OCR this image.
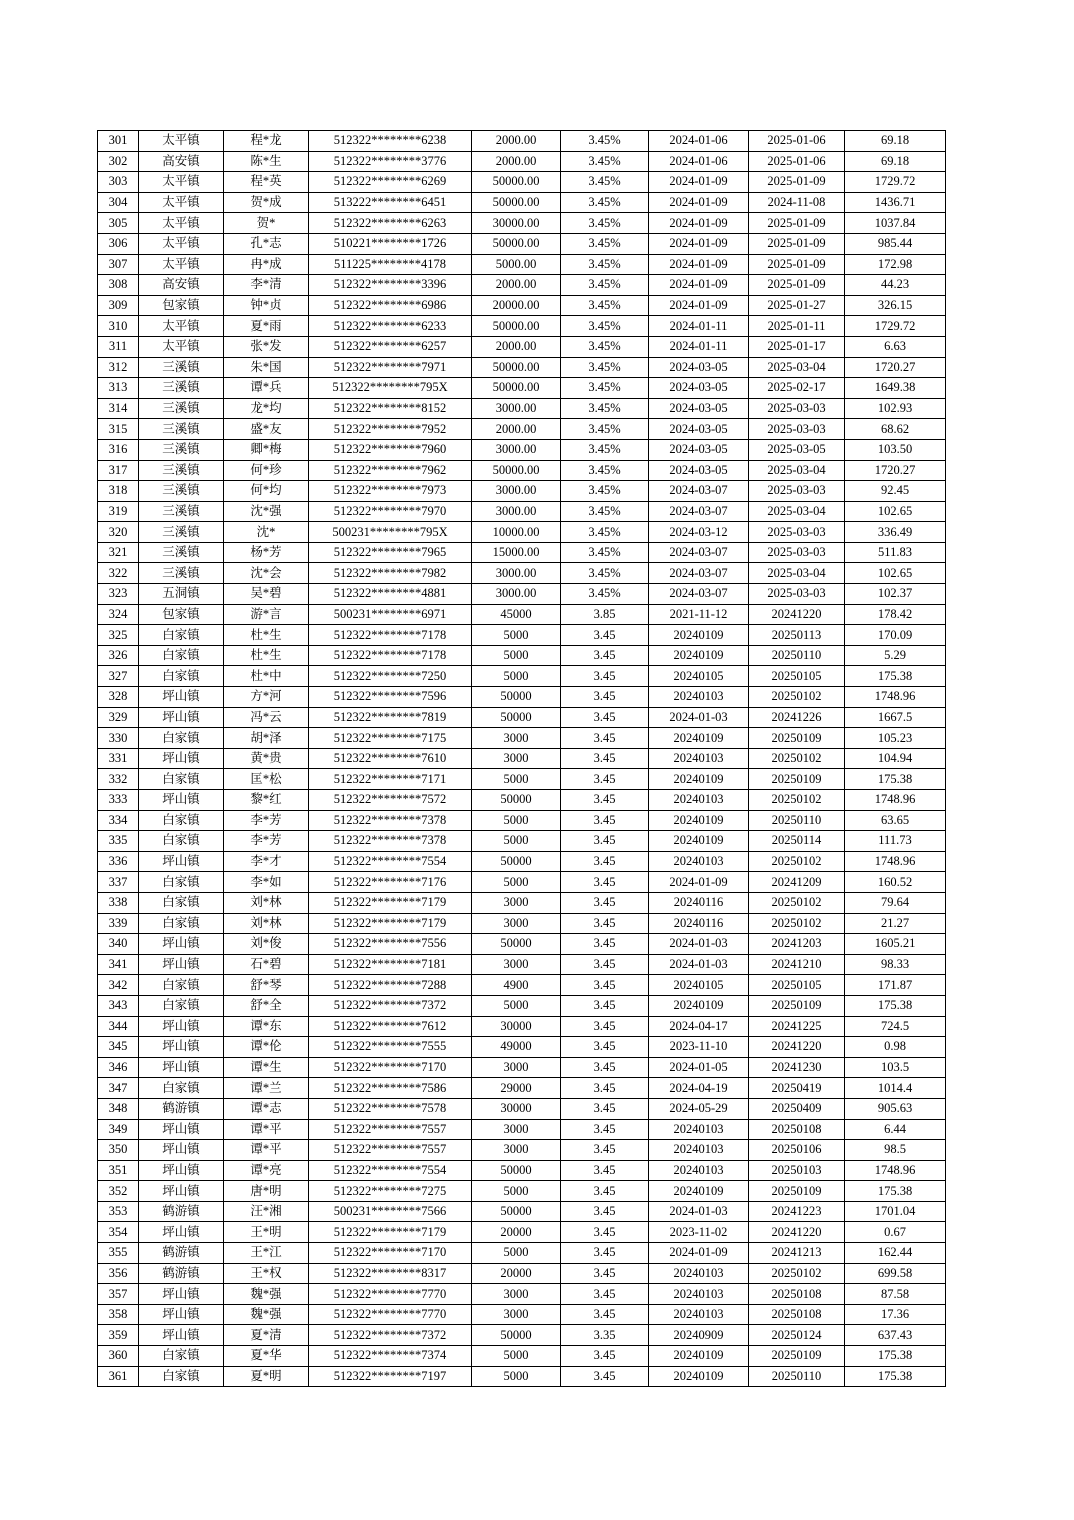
301	太平镇	程*龙	512322********6238	2000.00	3.45%	2024-01-06	2025-01-06	69.18
302	高安镇	陈*生	512322********3776	2000.00	3.45%	2024-01-06	2025-01-06	69.18
303	太平镇	程*英	512322********6269	50000.00	3.45%	2024-01-09	2025-01-09	1729.72
304	太平镇	贺*成	513222********6451	50000.00	3.45%	2024-01-09	2024-11-08	1436.71
305	太平镇	贺*	512322********6263	30000.00	3.45%	2024-01-09	2025-01-09	1037.84
306	太平镇	孔*志	510221********1726	50000.00	3.45%	2024-01-09	2025-01-09	985.44
307	太平镇	冉*成	511225********4178	5000.00	3.45%	2024-01-09	2025-01-09	172.98
308	高安镇	李*清	512322********3396	2000.00	3.45%	2024-01-09	2025-01-09	44.23
309	包家镇	钟*贞	512322********6986	20000.00	3.45%	2024-01-09	2025-01-27	326.15
310	太平镇	夏*雨	512322********6233	50000.00	3.45%	2024-01-11	2025-01-11	1729.72
311	太平镇	张*发	512322********6257	2000.00	3.45%	2024-01-11	2025-01-17	6.63
312	三溪镇	朱*国	512322********7971	50000.00	3.45%	2024-03-05	2025-03-04	1720.27
313	三溪镇	谭*兵	512322********795X	50000.00	3.45%	2024-03-05	2025-02-17	1649.38
314	三溪镇	龙*均	512322********8152	3000.00	3.45%	2024-03-05	2025-03-03	102.93
315	三溪镇	盛*友	512322********7952	2000.00	3.45%	2024-03-05	2025-03-03	68.62
316	三溪镇	卿*梅	512322********7960	3000.00	3.45%	2024-03-05	2025-03-05	103.50
317	三溪镇	何*珍	512322********7962	50000.00	3.45%	2024-03-05	2025-03-04	1720.27
318	三溪镇	何*均	512322********7973	3000.00	3.45%	2024-03-07	2025-03-03	92.45
319	三溪镇	沈*强	512322********7970	3000.00	3.45%	2024-03-07	2025-03-04	102.65
320	三溪镇	沈*	500231********795X	10000.00	3.45%	2024-03-12	2025-03-03	336.49
321	三溪镇	杨*芳	512322********7965	15000.00	3.45%	2024-03-07	2025-03-03	511.83
322	三溪镇	沈*会	512322********7982	3000.00	3.45%	2024-03-07	2025-03-04	102.65
323	五洞镇	吴*碧	512322********4881	3000.00	3.45%	2024-03-07	2025-03-03	102.37
324	包家镇	游*言	500231********6971	45000	3.85	2021-11-12	20241220	178.42
325	白家镇	杜*生	512322********7178	5000	3.45	20240109	20250113	170.09
326	白家镇	杜*生	512322********7178	5000	3.45	20240109	20250110	5.29
327	白家镇	杜*中	512322********7250	5000	3.45	20240105	20250105	175.38
328	坪山镇	方*河	512322********7596	50000	3.45	20240103	20250102	1748.96
329	坪山镇	冯*云	512322********7819	50000	3.45	2024-01-03	20241226	1667.5
330	白家镇	胡*泽	512322********7175	3000	3.45	20240109	20250109	105.23
331	坪山镇	黄*贵	512322********7610	3000	3.45	20240103	20250102	104.94
332	白家镇	匡*松	512322********7171	5000	3.45	20240109	20250109	175.38
333	坪山镇	黎*红	512322********7572	50000	3.45	20240103	20250102	1748.96
334	白家镇	李*芳	512322********7378	5000	3.45	20240109	20250110	63.65
335	白家镇	李*芳	512322********7378	5000	3.45	20240109	20250114	111.73
336	坪山镇	李*才	512322********7554	50000	3.45	20240103	20250102	1748.96
337	白家镇	李*如	512322********7176	5000	3.45	2024-01-09	20241209	160.52
338	白家镇	刘*林	512322********7179	3000	3.45	20240116	20250102	79.64
339	白家镇	刘*林	512322********7179	3000	3.45	20240116	20250102	21.27
340	坪山镇	刘*俊	512322********7556	50000	3.45	2024-01-03	20241203	1605.21
341	坪山镇	石*碧	512322********7181	3000	3.45	2024-01-03	20241210	98.33
342	白家镇	舒*琴	512322********7288	4900	3.45	20240105	20250105	171.87
343	白家镇	舒*全	512322********7372	5000	3.45	20240109	20250109	175.38
344	坪山镇	谭*东	512322********7612	30000	3.45	2024-04-17	20241225	724.5
345	坪山镇	谭*伦	512322********7555	49000	3.45	2023-11-10	20241220	0.98
346	坪山镇	谭*生	512322********7170	3000	3.45	2024-01-05	20241230	103.5
347	白家镇	谭*兰	512322********7586	29000	3.45	2024-04-19	20250419	1014.4
348	鹤游镇	谭*志	512322********7578	30000	3.45	2024-05-29	20250409	905.63
349	坪山镇	谭*平	512322********7557	3000	3.45	20240103	20250108	6.44
350	坪山镇	谭*平	512322********7557	3000	3.45	20240103	20250106	98.5
351	坪山镇	谭*亮	512322********7554	50000	3.45	20240103	20250103	1748.96
352	坪山镇	唐*明	512322********7275	5000	3.45	20240109	20250109	175.38
353	鹤游镇	汪*湘	500231********7566	50000	3.45	2024-01-03	20241223	1701.04
354	坪山镇	王*明	512322********7179	20000	3.45	2023-11-02	20241220	0.67
355	鹤游镇	王*江	512322********7170	5000	3.45	2024-01-09	20241213	162.44
356	鹤游镇	王*权	512322********8317	20000	3.45	20240103	20250102	699.58
357	坪山镇	魏*强	512322********7770	3000	3.45	20240103	20250108	87.58
358	坪山镇	魏*强	512322********7770	3000	3.45	20240103	20250108	17.36
359	坪山镇	夏*清	512322********7372	50000	3.35	20240909	20250124	637.43
360	白家镇	夏*华	512322********7374	5000	3.45	20240109	20250109	175.38
361	白家镇	夏*明	512322********7197	5000	3.45	20240109	20250110	175.38
